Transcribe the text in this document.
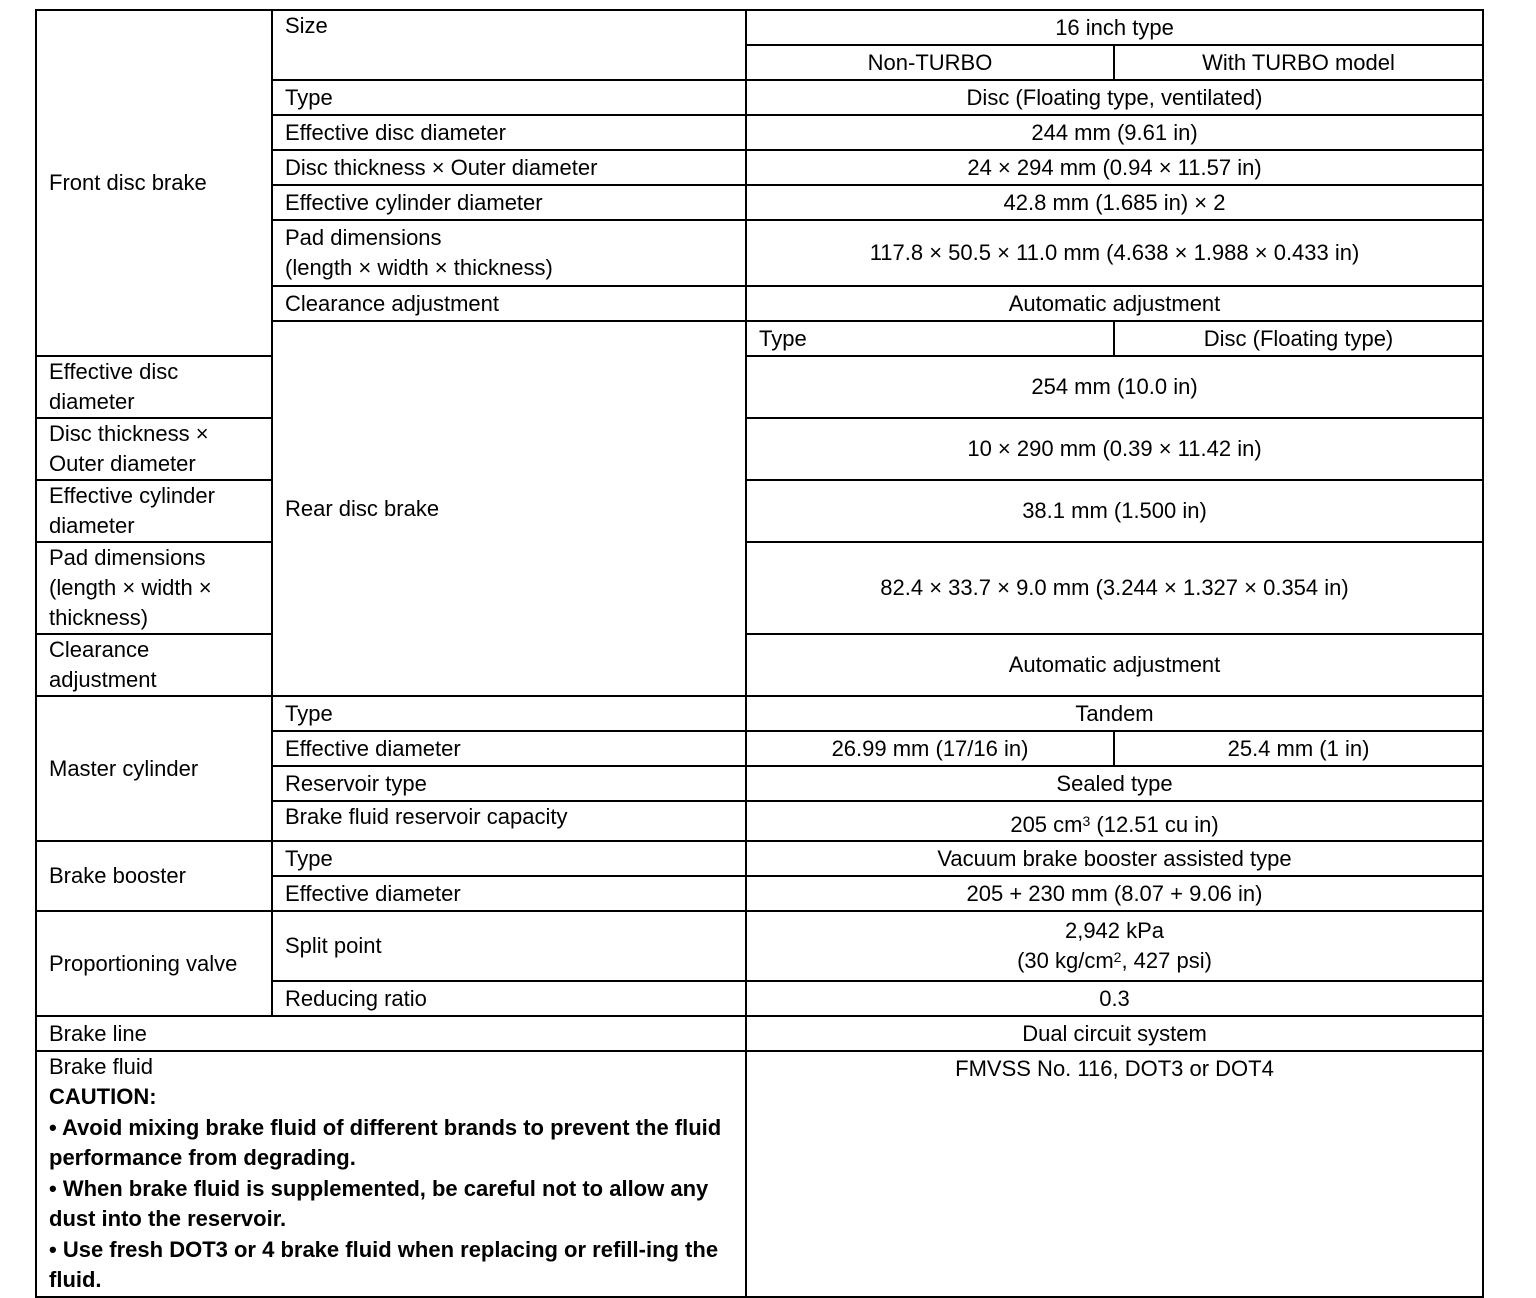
Front disc brake	Size	16 inch type	
		Non-TURBO	With TURBO model
	Type	Disc (Floating type, ventilated)	
	Effective disc diameter	244 mm (9.61 in)	
	Disc thickness × Outer diameter	24 × 294 mm (0.94 × 11.57 in)	
	Effective cylinder diameter	42.8 mm (1.685 in) × 2	
	Pad dimensions
(length × width × thickness)	117.8 × 50.5 × 11.0 mm (4.638 × 1.988 × 0.433 in)	
	Clearance adjustment	Automatic adjustment	
	Rear disc brake	Type	Disc (Floating type)
Effective disc diameter		254 mm (10.0 in)	
Disc thickness × Outer diameter		10 × 290 mm (0.39 × 11.42 in)	
Effective cylinder diameter		38.1 mm (1.500 in)	
Pad dimensions
(length × width × thickness)		82.4 × 33.7 × 9.0 mm (3.244 × 1.327 × 0.354 in)	
Clearance adjustment		Automatic adjustment	
Master cylinder	Type	Tandem	
	Effective diameter	26.99 mm (17/16 in)	25.4 mm (1 in)
	Reservoir type	Sealed type	
	Brake fluid reservoir capacity	205 $cm^3$ (12.51 cu in)	
Brake booster	Type	Vacuum brake booster assisted type	
	Effective diameter	205 + 230 mm (8.07 + 9.06 in)	
Proportioning valve	Split point	2,942 kPa
(30 $kg/cm^2$, 427 psi)	
	Reducing ratio	0.3	
Brake line		Dual circuit system	

Brake fluid
CAUTION:
• Avoid mixing brake fluid of different brands to prevent the fluid performance from degrading.
• When brake fluid is supplemented, be careful not to allow any dust into the reservoir.
• Use fresh DOT3 or 4 brake fluid when replacing or refill-ing the fluid.		FMVSS No. 116, DOT3 or DOT4	
